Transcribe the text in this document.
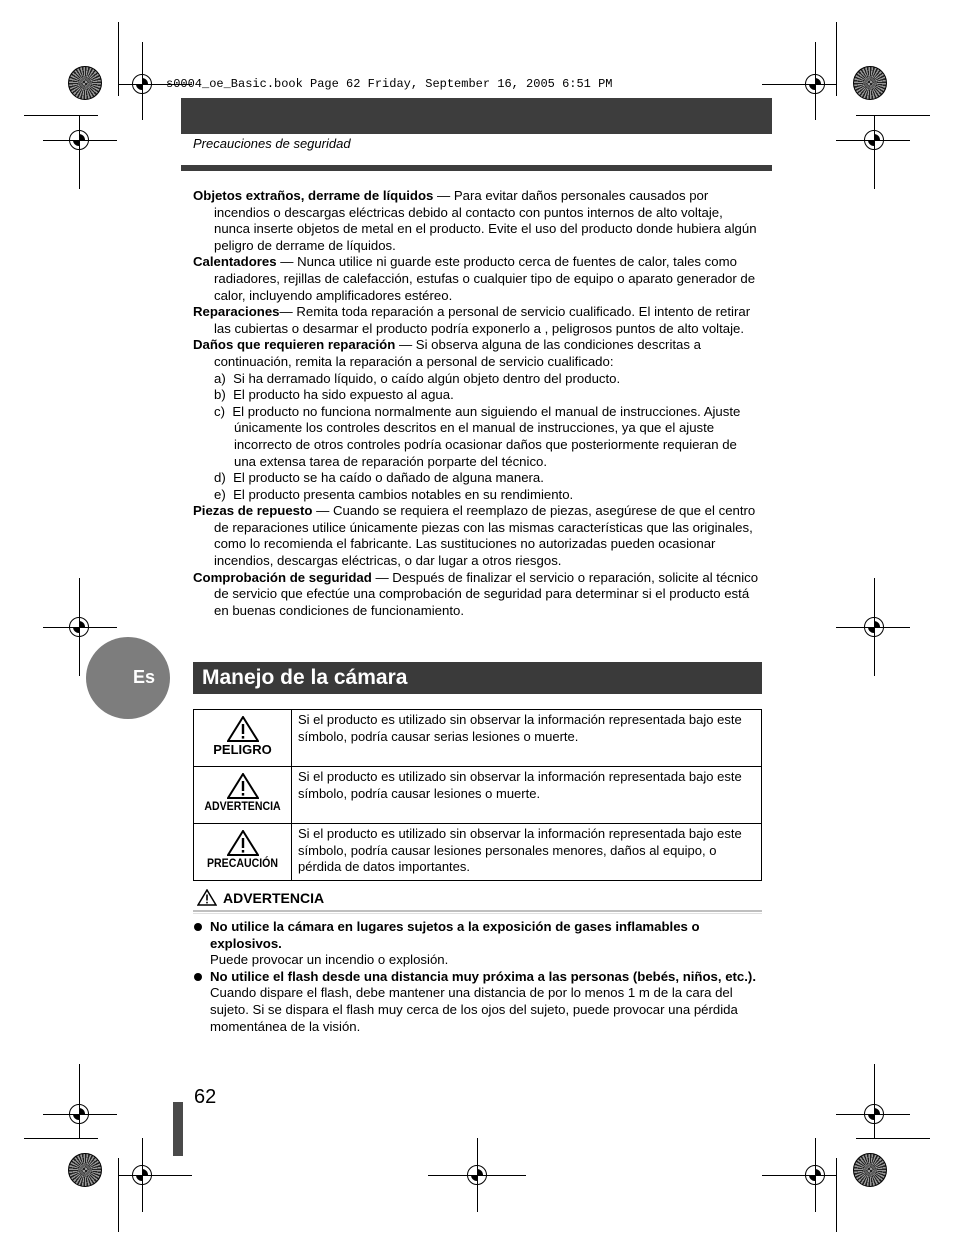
s0004_oe_Basic.book Page 62 Friday, September 16, 2005 6:51 PM
Precauciones de seguridad

Objetos extraños, derrame de líquidos — Para evitar daños personales causados por incendios o descargas eléctricas debido al contacto con puntos internos de alto voltaje, nunca inserte objetos de metal en el producto. Evite el uso del producto donde hubiera algún peligro de derrame de líquidos.

Calentadores — Nunca utilice ni guarde este producto cerca de fuentes de calor, tales como radiadores, rejillas de calefacción, estufas o cualquier tipo de equipo o aparato generador de calor, incluyendo amplificadores estéreo.

Reparaciones— Remita toda reparación a personal de servicio cualificado. El intento de retirar las cubiertas o desarmar el producto podría exponerlo a , peligrosos puntos de alto voltaje.

Daños que requieren reparación — Si observa alguna de las condiciones descritas a continuación, remita la reparación a personal de servicio cualificado:

a) Si ha derramado líquido, o caído algún objeto dentro del producto.

b) El producto ha sido expuesto al agua.

c) El producto no funciona normalmente aun siguiendo el manual de instrucciones. Ajuste únicamente los controles descritos en el manual de instrucciones, ya que el ajuste incorrecto de otros controles podría ocasionar daños que posteriormente requieran de una extensa tarea de reparación porparte del técnico.

d) El producto se ha caído o dañado de alguna manera.

e) El producto presenta cambios notables en su rendimiento.

Piezas de repuesto — Cuando se requiera el reemplazo de piezas, asegúrese de que el centro de reparaciones utilice únicamente piezas con las mismas características que las originales, como lo recomienda el fabricante. Las sustituciones no autorizadas pueden ocasionar incendios, descargas eléctricas, o dar lugar a otros riesgos.

Comprobación de seguridad — Después de finalizar el servicio o reparación, solicite al técnico de servicio que efectúe una comprobación de seguridad para determinar si el producto está en buenas condiciones de funcionamiento.

Es Manejo de la cámara
PELIGRO	Si el producto es utilizado sin observar la información representada bajo este símbolo, podría causar serias lesiones o muerte.

ADVERTENCIA	Si el producto es utilizado sin observar la información representada bajo este símbolo, podría causar lesiones o muerte.

PRECAUCIÓN	Si el producto es utilizado sin observar la información representada bajo este símbolo, podría causar lesiones personales menores, daños al equipo, o pérdida de datos importantes.
ADVERTENCIA

No utilice la cámara en lugares sujetos a la exposición de gases inflamables o explosivos.
Puede provocar un incendio o explosión.

No utilice el flash desde una distancia muy próxima a las personas (bebés, niños, etc.).
Cuando dispare el flash, debe mantener una distancia de por lo menos 1 m de la cara del sujeto. Si se dispara el flash muy cerca de los ojos del sujeto, puede provocar una pérdida momentánea de la visión.

62
